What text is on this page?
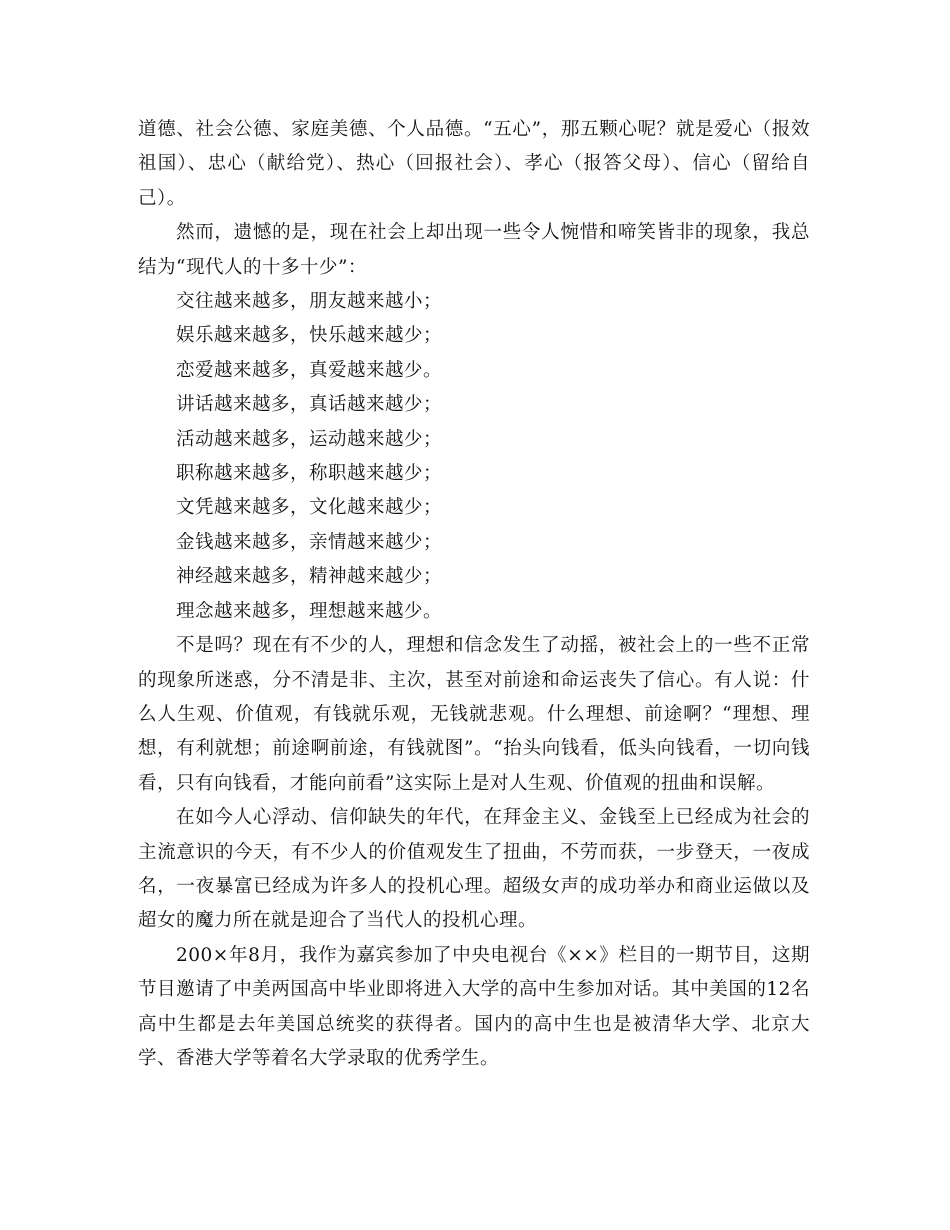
道德、社会公德、家庭美德、个人品德。“五心”，那五颗心呢？就是爱心（报效祖国）、忠心（献给党）、热心（回报社会）、孝心（报答父母）、信心（留给自己）。

然而，遗憾的是，现在社会上却出现一些令人惋惜和啼笑皆非的现象，我总结为“现代人的十多十少”：

交往越来越多，朋友越来越小；

娱乐越来越多，快乐越来越少；

恋爱越来越多，真爱越来越少。

讲话越来越多，真话越来越少；

活动越来越多，运动越来越少；

职称越来越多，称职越来越少；

文凭越来越多，文化越来越少；

金钱越来越多，亲情越来越少；

神经越来越多，精神越来越少；

理念越来越多，理想越来越少。

不是吗？现在有不少的人，理想和信念发生了动摇，被社会上的一些不正常的现象所迷惑，分不清是非、主次，甚至对前途和命运丧失了信心。有人说：什么人生观、价值观，有钱就乐观，无钱就悲观。什么理想、前途啊？“理想、理想，有利就想；前途啊前途，有钱就图”。“抬头向钱看，低头向钱看，一切向钱看，只有向钱看，才能向前看”这实际上是对人生观、价值观的扭曲和误解。

在如今人心浮动、信仰缺失的年代，在拜金主义、金钱至上已经成为社会的主流意识的今天，有不少人的价值观发生了扭曲，不劳而获，一步登天，一夜成名，一夜暴富已经成为许多人的投机心理。超级女声的成功举办和商业运做以及超女的魔力所在就是迎合了当代人的投机心理。

200×年8月，我作为嘉宾参加了中央电视台《××》栏目的一期节目，这期节目邀请了中美两国高中毕业即将进入大学的高中生参加对话。其中美国的12名高中生都是去年美国总统奖的获得者。国内的高中生也是被清华大学、北京大学、香港大学等着名大学录取的优秀学生。
